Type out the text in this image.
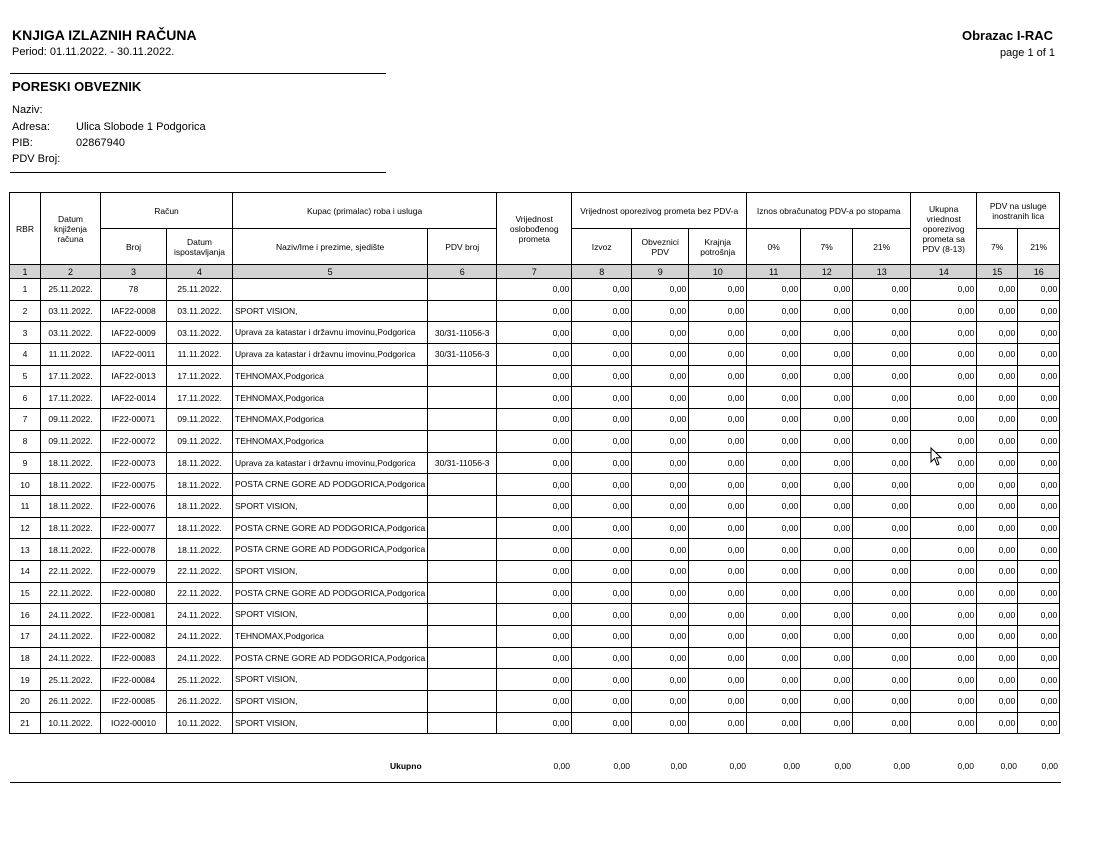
KNJIGA IZLAZNIH RAČUNA
Period: 01.11.2022. - 30.11.2022.
Obrazac I-RAC
page 1 of 1
PORESKI OBVEZNIK
Naziv:
Adresa: Ulica Slobode 1 Podgorica
PIB:	02867940
PDV Broj:
RBR	Datum knjiženja računa	Račun		Kupac (primalac) roba i usluga		Vrijednost oslobođenog prometa	Vrijednost oporezivog prometa bez PDV-a			Iznos obračunatog PDV-a po stopama			Ukupna vriednost oporezivog prometa sa PDV (8-13)	PDV na usluge inostranih lica	
		Broj	Datum ispostavljanja	Naziv/Ime i prezime, sjedište	PDV broj		Izvoz	Obveznici PDV	Krajnja potrošnja	0%	7%	21%		7%	21%
1	2	3	4	5	6	7	8	9	10	11	12	13	14	15	16
1	25.11.2022.	78	25.11.2022.			0,00	0,00	0,00	0,00	0,00	0,00	0,00	0,00	0,00	0,00
2	03.11.2022.	IAF22-0008	03.11.2022.	SPORT VISION,		0,00	0,00	0,00	0,00	0,00	0,00	0,00	0,00	0,00	0,00
3	03.11.2022.	IAF22-0009	03.11.2022.	Uprava za katastar i državnu imovinu,Podgorica	30/31-11056-3	0,00	0,00	0,00	0,00	0,00	0,00	0,00	0,00	0,00	0,00
4	11.11.2022.	IAF22-0011	11.11.2022.	Uprava za katastar i državnu imovinu,Podgorica	30/31-11056-3	0,00	0,00	0,00	0,00	0,00	0,00	0,00	0,00	0,00	0,00
5	17.11.2022.	IAF22-0013	17.11.2022.	TEHNOMAX,Podgorica		0,00	0,00	0,00	0,00	0,00	0,00	0,00	0,00	0,00	0,00
6	17.11.2022.	IAF22-0014	17.11.2022.	TEHNOMAX,Podgorica		0,00	0,00	0,00	0,00	0,00	0,00	0,00	0,00	0,00	0,00
7	09.11.2022.	IF22-00071	09.11.2022.	TEHNOMAX,Podgorica		0,00	0,00	0,00	0,00	0,00	0,00	0,00	0,00	0,00	0,00
8	09.11.2022.	IF22-00072	09.11.2022.	TEHNOMAX,Podgorica		0,00	0,00	0,00	0,00	0,00	0,00	0,00	0,00	0,00	0,00
9	18.11.2022.	IF22-00073	18.11.2022.	Uprava za katastar i državnu imovinu,Podgorica	30/31-11056-3	0,00	0,00	0,00	0,00	0,00	0,00	0,00	0,00	0,00	0,00
10	18.11.2022.	IF22-00075	18.11.2022.	POSTA CRNE GORE AD PODGORICA,Podgorica		0,00	0,00	0,00	0,00	0,00	0,00	0,00	0,00	0,00	0,00
11	18.11.2022.	IF22-00076	18.11.2022.	SPORT VISION,		0,00	0,00	0,00	0,00	0,00	0,00	0,00	0,00	0,00	0,00
12	18.11.2022.	IF22-00077	18.11.2022.	POSTA CRNE GORE AD PODGORICA,Podgorica		0,00	0,00	0,00	0,00	0,00	0,00	0,00	0,00	0,00	0,00
13	18.11.2022.	IF22-00078	18.11.2022.	POSTA CRNE GORE AD PODGORICA,Podgorica		0,00	0,00	0,00	0,00	0,00	0,00	0,00	0,00	0,00	0,00
14	22.11.2022.	IF22-00079	22.11.2022.	SPORT VISION,		0,00	0,00	0,00	0,00	0,00	0,00	0,00	0,00	0,00	0,00
15	22.11.2022.	IF22-00080	22.11.2022.	POSTA CRNE GORE AD PODGORICA,Podgorica		0,00	0,00	0,00	0,00	0,00	0,00	0,00	0,00	0,00	0,00
16	24.11.2022.	IF22-00081	24.11.2022.	SPORT VISION,		0,00	0,00	0,00	0,00	0,00	0,00	0,00	0,00	0,00	0,00
17	24.11.2022.	IF22-00082	24.11.2022.	TEHNOMAX,Podgorica		0,00	0,00	0,00	0,00	0,00	0,00	0,00	0,00	0,00	0,00
18	24.11.2022.	IF22-00083	24.11.2022.	POSTA CRNE GORE AD PODGORICA,Podgorica		0,00	0,00	0,00	0,00	0,00	0,00	0,00	0,00	0,00	0,00
19	25.11.2022.	IF22-00084	25.11.2022.	SPORT VISION,		0,00	0,00	0,00	0,00	0,00	0,00	0,00	0,00	0,00	0,00
20	26.11.2022.	IF22-00085	26.11.2022.	SPORT VISION,		0,00	0,00	0,00	0,00	0,00	0,00	0,00	0,00	0,00	0,00
21	10.11.2022.	IO22-00010	10.11.2022.	SPORT VISION,		0,00	0,00	0,00	0,00	0,00	0,00	0,00	0,00	0,00	0,00
Ukupno	0,00	0,00	0,00	0,00	0,00	0,00	0,00	0,00	0,00	0,00
